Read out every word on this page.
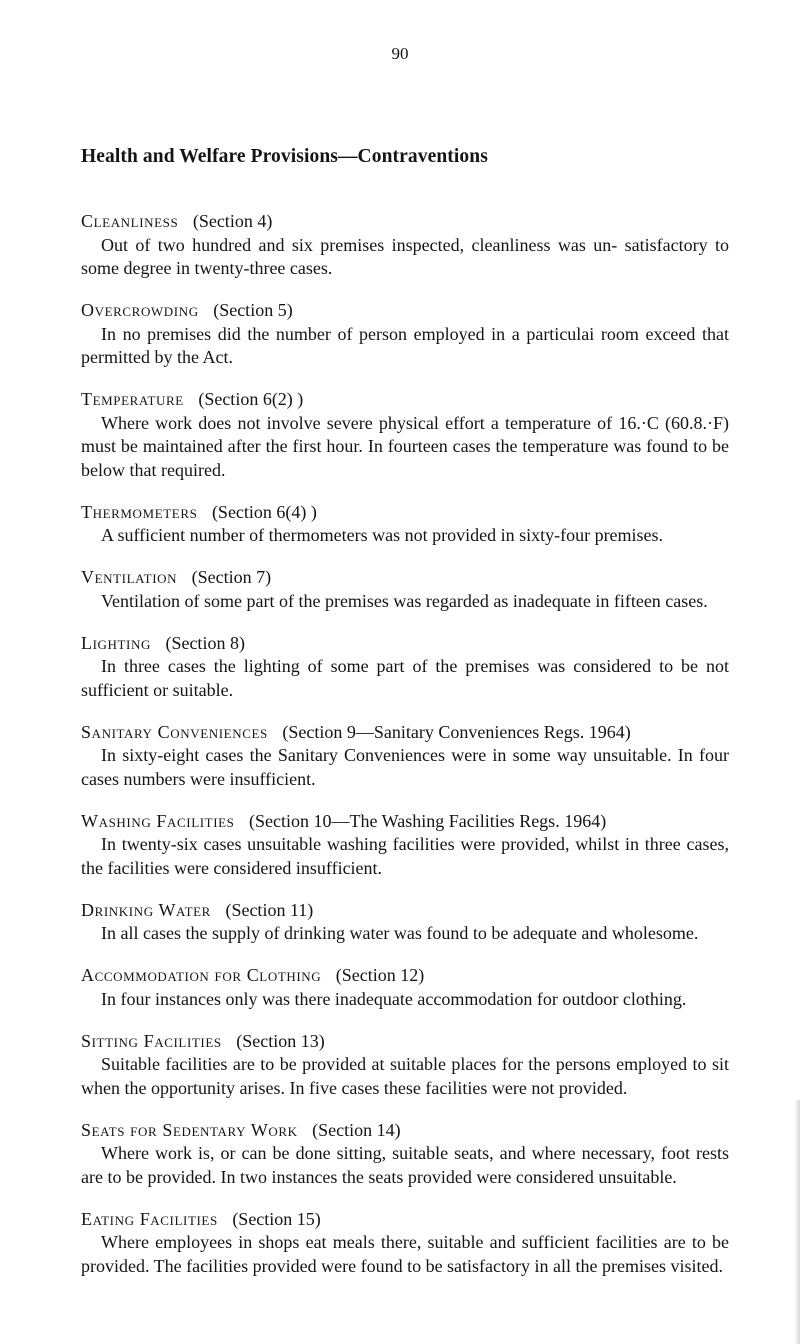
90
Health and Welfare Provisions—Contraventions

Cleanliness (Section 4)

Out of two hundred and six premises inspected, cleanliness was un- satisfactory to some degree in twenty-three cases.

Overcrowding (Section 5)

In no premises did the number of person employed in a particulai room exceed that permitted by the Act.

Temperature (Section 6(2) )

Where work does not involve severe physical effort a temperature of 16.·C (60.8.·F) must be maintained after the first hour. In fourteen cases the temperature was found to be below that required.

Thermometers (Section 6(4) )

A sufficient number of thermometers was not provided in sixty-four premises.

Ventilation (Section 7)

Ventilation of some part of the premises was regarded as inadequate in fifteen cases.

Lighting (Section 8)

In three cases the lighting of some part of the premises was considered to be not sufficient or suitable.

Sanitary Conveniences (Section 9—Sanitary Conveniences Regs. 1964)

In sixty-eight cases the Sanitary Conveniences were in some way unsuitable. In four cases numbers were insufficient.

Washing Facilities (Section 10—The Washing Facilities Regs. 1964)

In twenty-six cases unsuitable washing facilities were provided, whilst in three cases, the facilities were considered insufficient.

Drinking Water (Section 11)

In all cases the supply of drinking water was found to be adequate and wholesome.

Accommodation for Clothing (Section 12)

In four instances only was there inadequate accommodation for outdoor clothing.

Sitting Facilities (Section 13)

Suitable facilities are to be provided at suitable places for the persons employed to sit when the opportunity arises. In five cases these facilities were not provided.

Seats for Sedentary Work (Section 14)

Where work is, or can be done sitting, suitable seats, and where necessary, foot rests are to be provided. In two instances the seats provided were considered unsuitable.

Eating Facilities (Section 15)

Where employees in shops eat meals there, suitable and sufficient facilities are to be provided. The facilities provided were found to be satisfactory in all the premises visited.
